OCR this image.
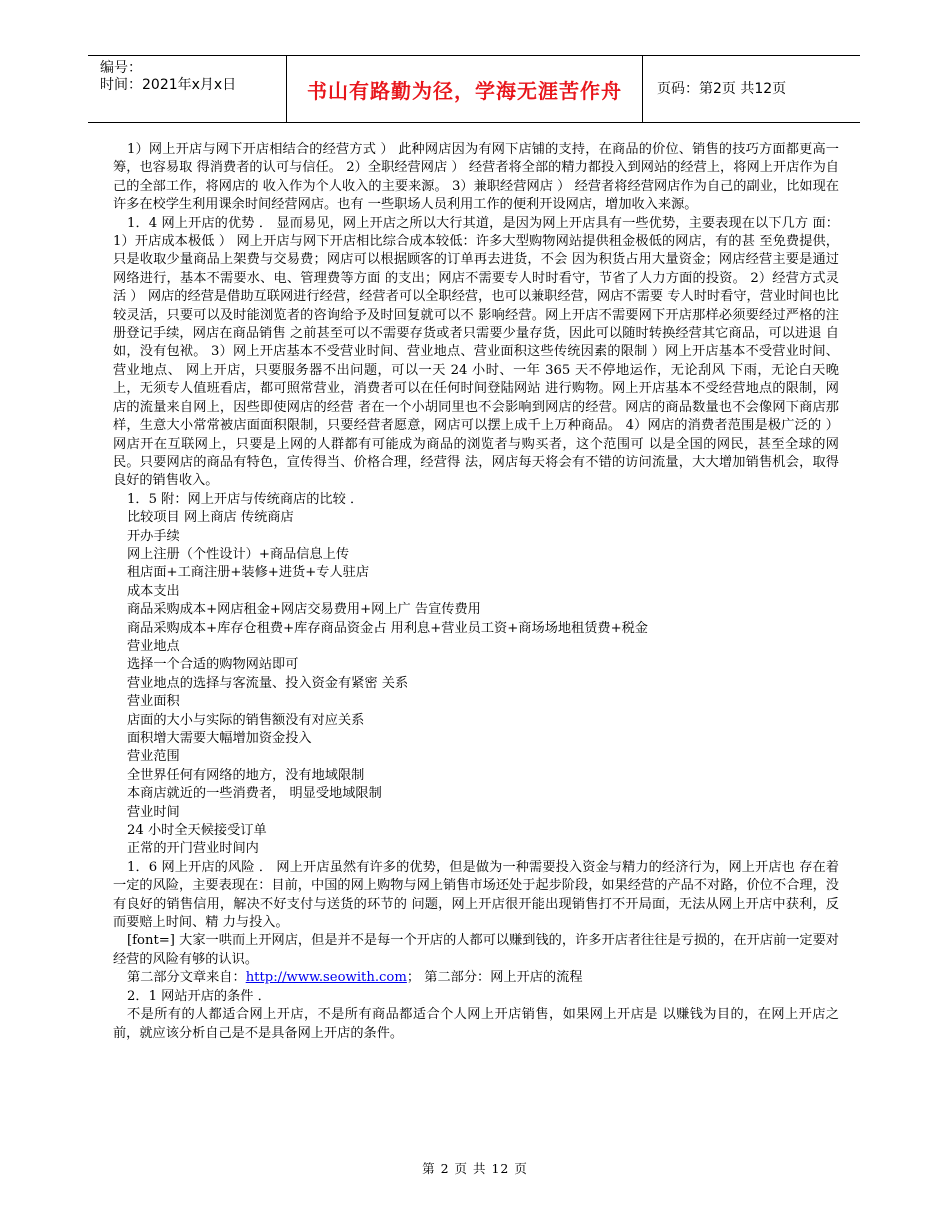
编号：
时间：2021年x月x日	书山有路勤为径，学海无涯苦作舟	页码：第2页 共12页

1）网上开店与网下开店相结合的经营方式 ） 此种网店因为有网下店铺的支持，在商品的价位、销售的技巧方面都更高一筹，也容易取 得消费者的认可与信任。 2）全职经营网店 ） 经营者将全部的精力都投入到网站的经营上，将网上开店作为自己的全部工作，将网店的 收入作为个人收入的主要来源。 3）兼职经营网店 ） 经营者将经营网店作为自己的副业，比如现在许多在校学生利用课余时间经营网店。也有 一些职场人员利用工作的便利开设网店，增加收入来源。

1．4 网上开店的优势 ． 显而易见，网上开店之所以大行其道，是因为网上开店具有一些优势，主要表现在以下几方 面： 1）开店成本极低 ） 网上开店与网下开店相比综合成本较低：许多大型购物网站提供租金极低的网店，有的甚 至免费提供，只是收取少量商品上架费与交易费；网店可以根据顾客的订单再去进货，不会 因为积货占用大量资金；网店经营主要是通过网络进行，基本不需要水、电、管理费等方面 的支出；网店不需要专人时时看守，节省了人力方面的投资。 2）经营方式灵活 ） 网店的经营是借助互联网进行经营，经营者可以全职经营，也可以兼职经营，网店不需要 专人时时看守，营业时间也比较灵活，只要可以及时能浏览者的咨询给予及时回复就可以不 影响经营。网上开店不需要网下开店那样必须要经过严格的注册登记手续，网店在商品销售 之前甚至可以不需要存货或者只需要少量存货，因此可以随时转换经营其它商品，可以进退 自如，没有包袱。 3）网上开店基本不受营业时间、营业地点、营业面积这些传统因素的限制 ）网上开店基本不受营业时间、营业地点、 网上开店，只要服务器不出问题，可以一天 24 小时、一年 365 天不停地运作，无论刮风 下雨，无论白天晚上，无须专人值班看店，都可照常营业，消费者可以在任何时间登陆网站 进行购物。网上开店基本不受经营地点的限制，网店的流量来自网上，因些即使网店的经营 者在一个小胡同里也不会影响到网店的经营。网店的商品数量也不会像网下商店那样，生意大小常常被店面面积限制，只要经营者愿意，网店可以摆上成千上万种商品。 4）网店的消费者范围是极广泛的 ） 网店开在互联网上，只要是上网的人群都有可能成为商品的浏览者与购买者，这个范围可 以是全国的网民，甚至全球的网民。只要网店的商品有特色，宣传得当、价格合理，经营得 法，网店每天将会有不错的访问流量，大大增加销售机会，取得良好的销售收入。

1．5 附：网上开店与传统商店的比较 ．

比较项目 网上商店 传统商店

开办手续

网上注册（个性设计）+商品信息上传

租店面+工商注册+装修+进货+专人驻店

成本支出

商品采购成本+网店租金+网店交易费用+网上广 告宣传费用

商品采购成本+库存仓租费+库存商品资金占 用利息+营业员工资+商场场地租赁费+税金

营业地点

选择一个合适的购物网站即可

营业地点的选择与客流量、投入资金有紧密 关系

营业面积

店面的大小与实际的销售额没有对应关系

面积增大需要大幅增加资金投入

营业范围

全世界任何有网络的地方，没有地域限制

本商店就近的一些消费者， 明显受地域限制

营业时间

24 小时全天候接受订单

正常的开门营业时间内

1．6 网上开店的风险 ． 网上开店虽然有许多的优势，但是做为一种需要投入资金与精力的经济行为，网上开店也 存在着一定的风险，主要表现在：目前，中国的网上购物与网上销售市场还处于起步阶段，如果经营的产品不对路，价位不合理，没有良好的销售信用，解决不好支付与送货的环节的 问题，网上开店很开能出现销售打不开局面，无法从网上开店中获利，反而要赔上时间、精 力与投入。

[font=] 大家一哄而上开网店，但是并不是每一个开店的人都可以赚到钱的，许多开店者往往是亏损的，在开店前一定要对经营的风险有够的认识。

第二部分文章来自：http://www.seowith.com； 第二部分：网上开店的流程

2．1 网站开店的条件 ．

不是所有的人都适合网上开店，不是所有商品都适合个人网上开店销售，如果网上开店是 以赚钱为目的，在网上开店之前，就应该分析自己是不是具备网上开店的条件。

第 2 页 共 12 页
